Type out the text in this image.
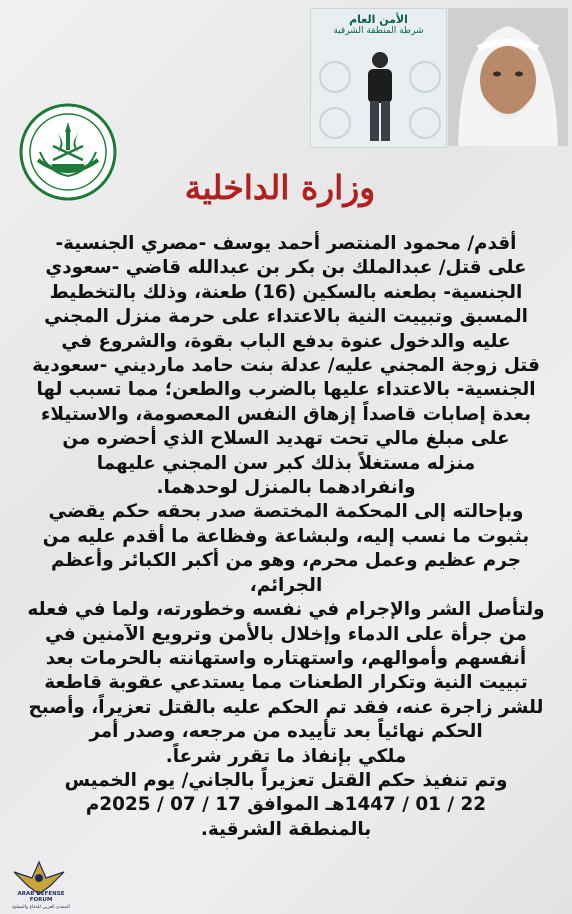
الأمن العام
شرطة المنطقة الشرقية
وزارة الداخلية

أقدم/ محمود المنتصر أحمد يوسف -مصري الجنسية-

على قتل/ عبدالملك بن بكر بن عبدالله قاضي -سعودي

الجنسية- بطعنه بالسكين (16) طعنة، وذلك بالتخطيط

المسبق وتبييت النية بالاعتداء على حرمة منزل المجني

عليه والدخول عنوة بدفع الباب بقوة، والشروع في

قتل زوجة المجني عليه/ عدلة بنت حامد مارديني -سعودية

الجنسية- بالاعتداء عليها بالضرب والطعن؛ مما تسبب لها

بعدة إصابات قاصداً إزهاق النفس المعصومة، والاستيلاء

على مبلغ مالي تحت تهديد السلاح الذي أحضره من

منزله مستغلاً بذلك كبر سن المجني عليهما

وانفرادهما بالمنزل لوحدهما.

وبإحالته إلى المحكمة المختصة صدر بحقه حكم يقضي

بثبوت ما نسب إليه، ولبشاعة وفظاعة ما أقدم عليه من

جرم عظيم وعمل محرم، وهو من أكبر الكبائر وأعظم الجرائم،

ولتأصل الشر والإجرام في نفسه وخطورته، ولما في فعله

من جرأة على الدماء وإخلال بالأمن وترويع الآمنين في

أنفسهم وأموالهم، واستهتاره واستهانته بالحرمات بعد

تبييت النية وتكرار الطعنات مما يستدعي عقوبة قاطعة

للشر زاجرة عنه، فقد تم الحكم عليه بالقتل تعزيراً، وأصبح

الحكم نهائياً بعد تأييده من مرجعه، وصدر أمر

ملكي بإنفاذ ما تقرر شرعاً.

وتم تنفيذ حكم القتل تعزيراً بالجاني/ يوم الخميس

22 / 01 / 1447هـ الموافق 17 / 07 / 2025م

بالمنطقة الشرقية.

ARAB DEFENSE FORUM
المنتدى العربي للدفاع والتسليح
